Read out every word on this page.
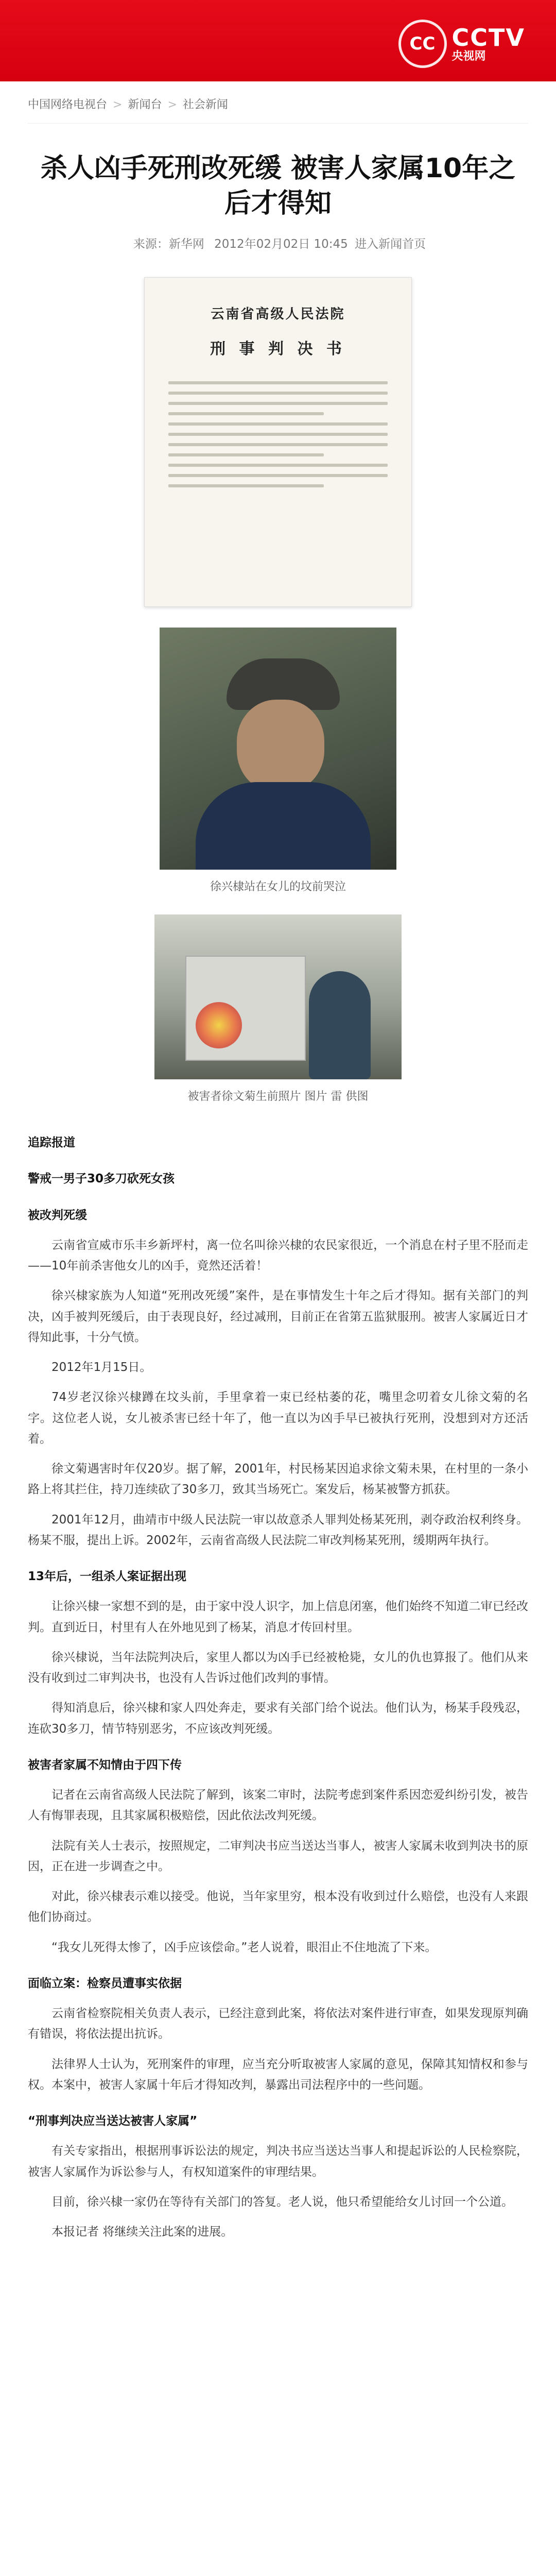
CC CCTV
央视网
中国网络电视台 > 新闻台 > 社会新闻
杀人凶手死刑改死缓 被害人家属10年之后才得知
来源：新华网 2012年02月02日 10:45 进入新闻首页
云南省高级人民法院
刑 事 判 决 书
徐兴棣站在女儿的坟前哭泣
被害者徐文菊生前照片 图片 雷 供图

追踪报道

警戒一男子30多刀砍死女孩

被改判死缓

云南省宣威市乐丰乡新坪村，离一位名叫徐兴棣的农民家很近，一个消息在村子里不胫而走——10年前杀害他女儿的凶手，竟然还活着！

徐兴棣家族为人知道“死刑改死缓”案件，是在事情发生十年之后才得知。据有关部门的判决，凶手被判死缓后，由于表现良好，经过减刑，目前正在省第五监狱服刑。被害人家属近日才得知此事，十分气愤。

2012年1月15日。

74岁老汉徐兴棣蹲在坟头前，手里拿着一束已经枯萎的花，嘴里念叨着女儿徐文菊的名字。这位老人说，女儿被杀害已经十年了，他一直以为凶手早已被执行死刑，没想到对方还活着。

徐文菊遇害时年仅20岁。据了解，2001年，村民杨某因追求徐文菊未果，在村里的一条小路上将其拦住，持刀连续砍了30多刀，致其当场死亡。案发后，杨某被警方抓获。

2001年12月，曲靖市中级人民法院一审以故意杀人罪判处杨某死刑，剥夺政治权利终身。杨某不服，提出上诉。2002年，云南省高级人民法院二审改判杨某死刑，缓期两年执行。

13年后，一组杀人案证据出现

让徐兴棣一家想不到的是，由于家中没人识字，加上信息闭塞，他们始终不知道二审已经改判。直到近日，村里有人在外地见到了杨某，消息才传回村里。

徐兴棣说，当年法院判决后，家里人都以为凶手已经被枪毙，女儿的仇也算报了。他们从来没有收到过二审判决书，也没有人告诉过他们改判的事情。

得知消息后，徐兴棣和家人四处奔走，要求有关部门给个说法。他们认为，杨某手段残忍，连砍30多刀，情节特别恶劣，不应该改判死缓。

被害者家属不知情由于四下传

记者在云南省高级人民法院了解到，该案二审时，法院考虑到案件系因恋爱纠纷引发，被告人有悔罪表现，且其家属积极赔偿，因此依法改判死缓。

法院有关人士表示，按照规定，二审判决书应当送达当事人，被害人家属未收到判决书的原因，正在进一步调查之中。

对此，徐兴棣表示难以接受。他说，当年家里穷，根本没有收到过什么赔偿，也没有人来跟他们协商过。

“我女儿死得太惨了，凶手应该偿命。”老人说着，眼泪止不住地流了下来。

面临立案：检察员遭事实依据

云南省检察院相关负责人表示，已经注意到此案，将依法对案件进行审查，如果发现原判确有错误，将依法提出抗诉。

法律界人士认为，死刑案件的审理，应当充分听取被害人家属的意见，保障其知情权和参与权。本案中，被害人家属十年后才得知改判，暴露出司法程序中的一些问题。

“刑事判决应当送达被害人家属”

有关专家指出，根据刑事诉讼法的规定，判决书应当送达当事人和提起诉讼的人民检察院，被害人家属作为诉讼参与人，有权知道案件的审理结果。

目前，徐兴棣一家仍在等待有关部门的答复。老人说，他只希望能给女儿讨回一个公道。

本报记者 将继续关注此案的进展。
